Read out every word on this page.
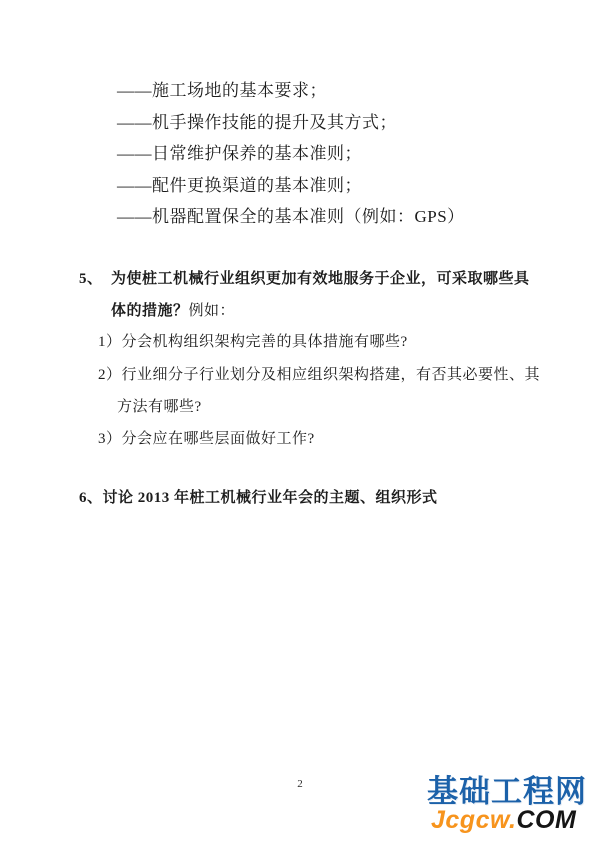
——施工场地的基本要求；
——机手操作技能的提升及其方式；
——日常维护保养的基本准则；
——配件更换渠道的基本准则；
——机器配置保全的基本准则（例如：GPS）
5、 为使桩工机械行业组织更加有效地服务于企业，可采取哪些具
体的措施？例如：
1）分会机构组织架构完善的具体措施有哪些?
2）行业细分子行业划分及相应组织架构搭建，有否其必要性、其
方法有哪些?
3）分会应在哪些层面做好工作?
6、讨论 2013 年桩工机械行业年会的主题、组织形式
2	基础工程网
Jcgcw.COM
